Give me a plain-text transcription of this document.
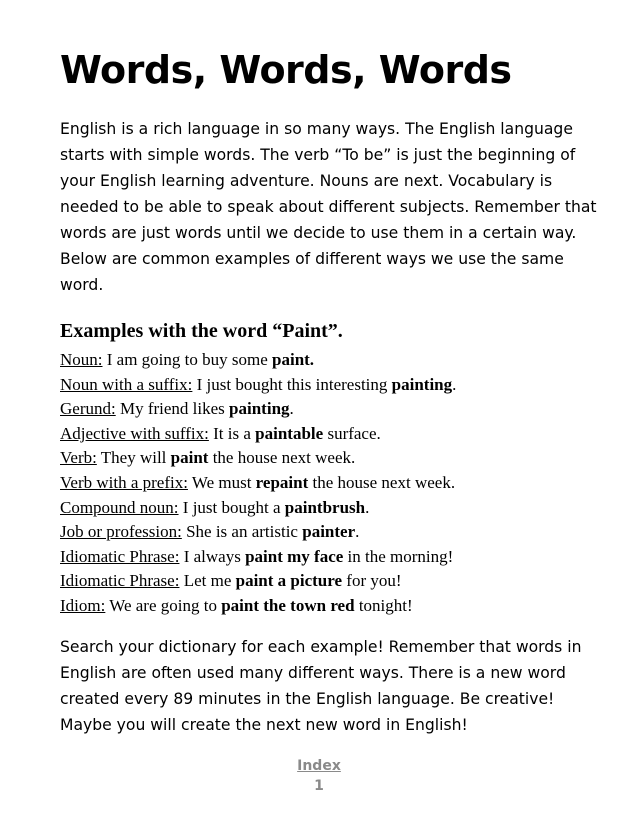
Words, Words, Words

English is a rich language in so many ways. The English language starts with simple words. The verb “To be” is just the beginning of your English learning adventure. Nouns are next. Vocabulary is needed to be able to speak about different subjects. Remember that words are just words until we decide to use them in a certain way. Below are common examples of different ways we use the same word.

Examples with the word “Paint”.
Noun: I am going to buy some paint.
Noun with a suffix: I just bought this interesting painting.
Gerund: My friend likes painting.
Adjective with suffix: It is a paintable surface.
Verb: They will paint the house next week.
Verb with a prefix: We must repaint the house next week.
Compound noun: I just bought a paintbrush.
Job or profession: She is an artistic painter.
Idiomatic Phrase: I always paint my face in the morning!
Idiomatic Phrase: Let me paint a picture for you!
Idiom: We are going to paint the town red tonight!

Search your dictionary for each example! Remember that words in English are often used many different ways. There is a new word created every 89 minutes in the English language. Be creative! Maybe you will create the next new word in English!

Index
1
